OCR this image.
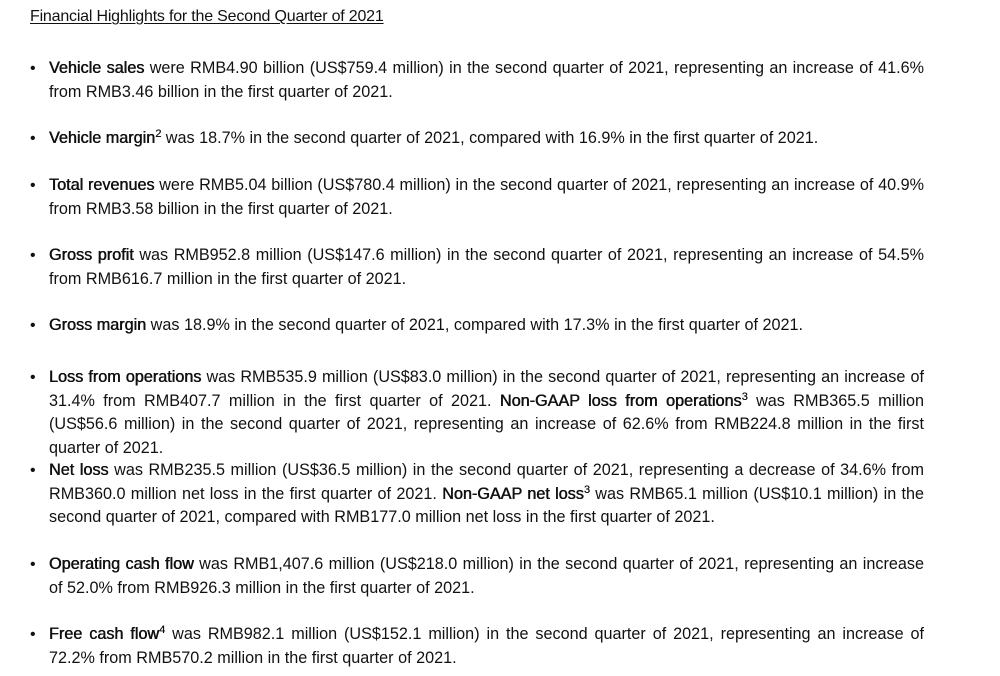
Financial Highlights for the Second Quarter of 2021
• Vehicle sales were RMB4.90 billion (US$759.4 million) in the second quarter of 2021, representing an increase of 41.6% from RMB3.46 billion in the first quarter of 2021.
• Vehicle margin$^2$ was 18.7% in the second quarter of 2021, compared with 16.9% in the first quarter of 2021.
• Total revenues were RMB5.04 billion (US$780.4 million) in the second quarter of 2021, representing an increase of 40.9% from RMB3.58 billion in the first quarter of 2021.
• Gross profit was RMB952.8 million (US$147.6 million) in the second quarter of 2021, representing an increase of 54.5% from RMB616.7 million in the first quarter of 2021.
• Gross margin was 18.9% in the second quarter of 2021, compared with 17.3% in the first quarter of 2021.
• Loss from operations was RMB535.9 million (US$83.0 million) in the second quarter of 2021, representing an increase of 31.4% from RMB407.7 million in the first quarter of 2021. Non-GAAP loss from operations$^3$ was RMB365.5 million (US$56.6 million) in the second quarter of 2021, representing an increase of 62.6% from RMB224.8 million in the first quarter of 2021.
• Net loss was RMB235.5 million (US$36.5 million) in the second quarter of 2021, representing a decrease of 34.6% from RMB360.0 million net loss in the first quarter of 2021. Non-GAAP net loss$^3$ was RMB65.1 million (US$10.1 million) in the second quarter of 2021, compared with RMB177.0 million net loss in the first quarter of 2021.
• Operating cash flow was RMB1,407.6 million (US$218.0 million) in the second quarter of 2021, representing an increase of 52.0% from RMB926.3 million in the first quarter of 2021.
• Free cash flow$^4$ was RMB982.1 million (US$152.1 million) in the second quarter of 2021, representing an increase of 72.2% from RMB570.2 million in the first quarter of 2021.
